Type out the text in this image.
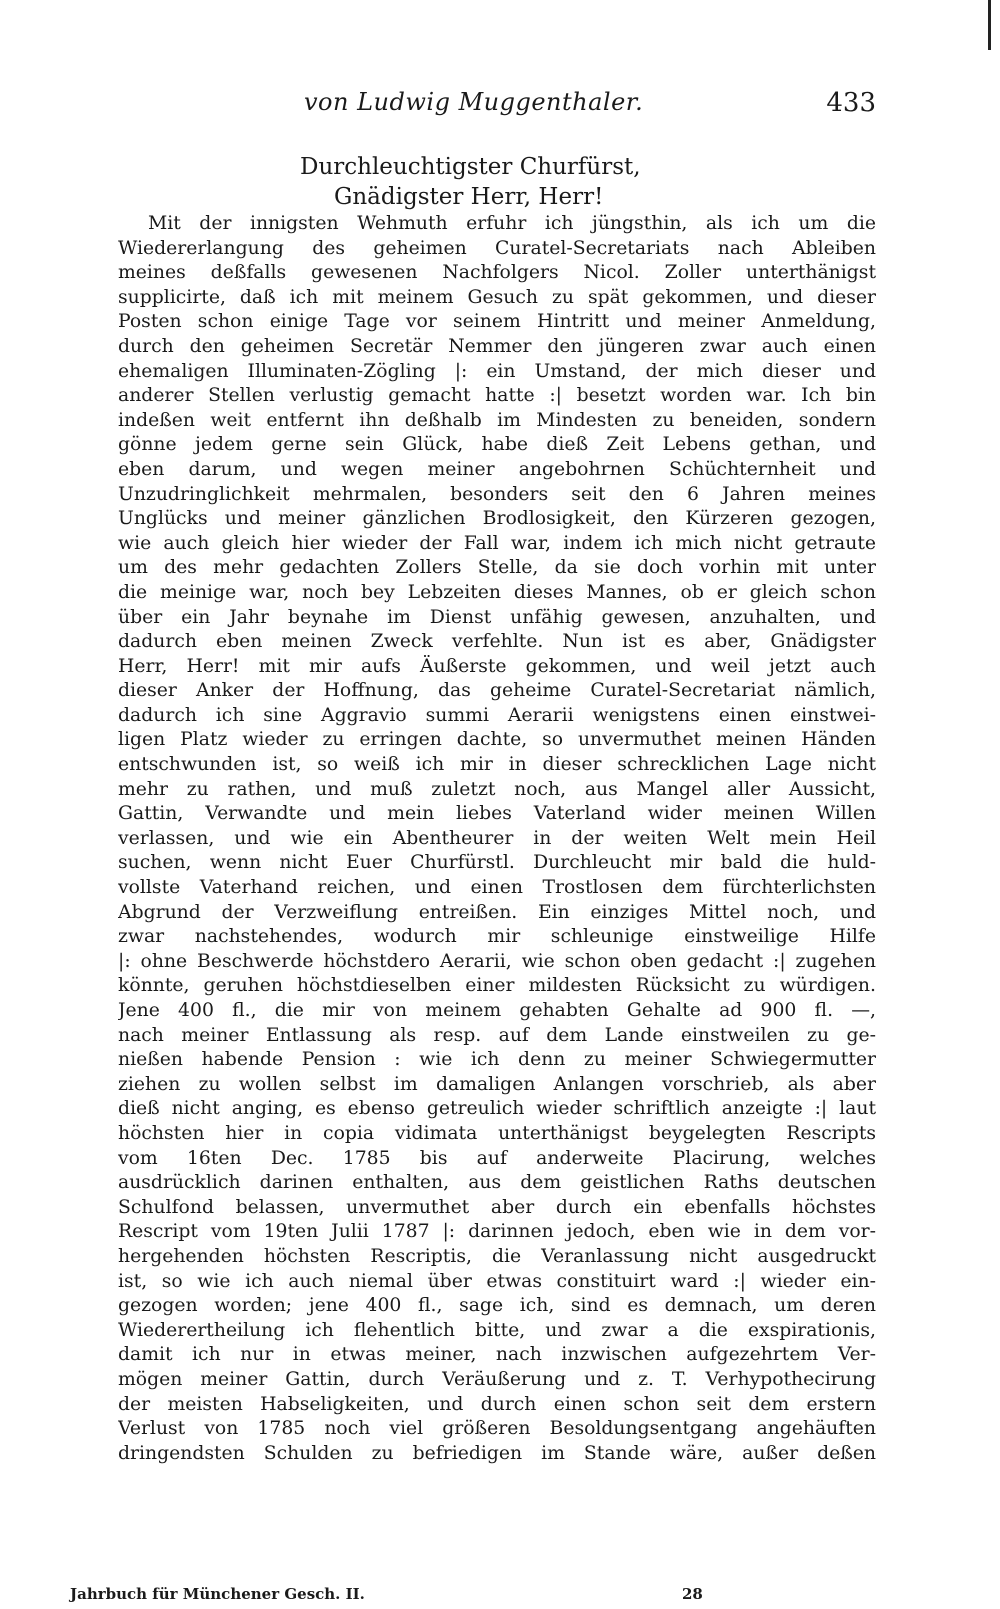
von Ludwig Muggenthaler.	433
Durchleuchtigster Churfürst,
Gnädigster Herr, Herr!
Mit der innigsten Wehmuth erfuhr ich jüngsthin, als ich um die
Wiedererlangung des geheimen Curatel-Secretariats nach Ableiben
meines deßfalls gewesenen Nachfolgers Nicol. Zoller unterthänigst
supplicirte, daß ich mit meinem Gesuch zu spät gekommen, und dieser
Posten schon einige Tage vor seinem Hintritt und meiner Anmeldung,
durch den geheimen Secretär Nemmer den jüngeren zwar auch einen
ehemaligen Illuminaten-Zögling |: ein Umstand, der mich dieser und
anderer Stellen verlustig gemacht hatte :| besetzt worden war. Ich bin
indeßen weit entfernt ihn deßhalb im Mindesten zu beneiden, sondern
gönne jedem gerne sein Glück, habe dieß Zeit Lebens gethan, und
eben darum, und wegen meiner angebohrnen Schüchternheit und
Unzudringlichkeit mehrmalen, besonders seit den 6 Jahren meines
Unglücks und meiner gänzlichen Brodlosigkeit, den Kürzeren gezogen,
wie auch gleich hier wieder der Fall war, indem ich mich nicht getraute
um des mehr gedachten Zollers Stelle, da sie doch vorhin mit unter
die meinige war, noch bey Lebzeiten dieses Mannes, ob er gleich schon
über ein Jahr beynahe im Dienst unfähig gewesen, anzuhalten, und
dadurch eben meinen Zweck verfehlte. Nun ist es aber, Gnädigster
Herr, Herr! mit mir aufs Äußerste gekommen, und weil jetzt auch
dieser Anker der Hoffnung, das geheime Curatel-Secretariat nämlich,
dadurch ich sine Aggravio summi Aerarii wenigstens einen einstwei-
ligen Platz wieder zu erringen dachte, so unvermuthet meinen Händen
entschwunden ist, so weiß ich mir in dieser schrecklichen Lage nicht
mehr zu rathen, und muß zuletzt noch, aus Mangel aller Aussicht,
Gattin, Verwandte und mein liebes Vaterland wider meinen Willen
verlassen, und wie ein Abentheurer in der weiten Welt mein Heil
suchen, wenn nicht Euer Churfürstl. Durchleucht mir bald die huld-
vollste Vaterhand reichen, und einen Trostlosen dem fürchterlichsten
Abgrund der Verzweiflung entreißen. Ein einziges Mittel noch, und
zwar nachstehendes, wodurch mir schleunige einstweilige Hilfe
|: ohne Beschwerde höchstdero Aerarii, wie schon oben gedacht :| zugehen
könnte, geruhen höchstdieselben einer mildesten Rücksicht zu würdigen.
Jene 400 fl., die mir von meinem gehabten Gehalte ad 900 fl. —,
nach meiner Entlassung als resp. auf dem Lande einstweilen zu ge-
nießen habende Pension : wie ich denn zu meiner Schwiegermutter
ziehen zu wollen selbst im damaligen Anlangen vorschrieb, als aber
dieß nicht anging, es ebenso getreulich wieder schriftlich anzeigte :| laut
höchsten hier in copia vidimata unterthänigst beygelegten Rescripts
vom 16ten Dec. 1785 bis auf anderweite Placirung, welches
ausdrücklich darinen enthalten, aus dem geistlichen Raths deutschen
Schulfond belassen, unvermuthet aber durch ein ebenfalls höchstes
Rescript vom 19ten Julii 1787 |: darinnen jedoch, eben wie in dem vor-
hergehenden höchsten Rescriptis, die Veranlassung nicht ausgedruckt
ist, so wie ich auch niemal über etwas constituirt ward :| wieder ein-
gezogen worden; jene 400 fl., sage ich, sind es demnach, um deren
Wiederertheilung ich flehentlich bitte, und zwar a die exspirationis,
damit ich nur in etwas meiner, nach inzwischen aufgezehrtem Ver-
mögen meiner Gattin, durch Veräußerung und z. T. Verhypothecirung
der meisten Habseligkeiten, und durch einen schon seit dem erstern
Verlust von 1785 noch viel größeren Besoldungsentgang angehäuften
dringendsten Schulden zu befriedigen im Stande wäre, außer deßen
Jahrbuch für Münchener Gesch. II.	28
